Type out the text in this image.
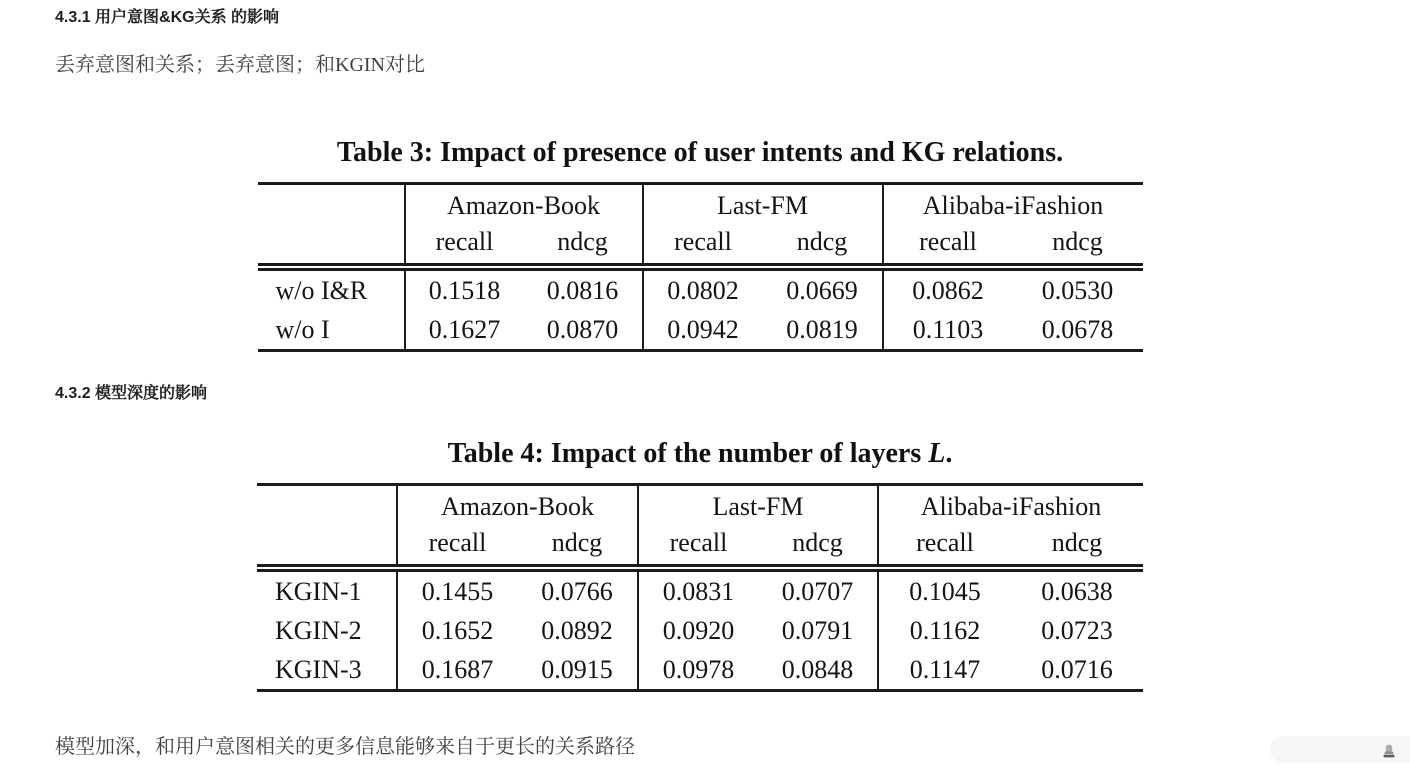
4.3.1 用户意图&KG关系 的影响

丢弃意图和关系；丢弃意图；和KGIN对比

Table 3: Impact of presence of user intents and KG relations.
	Amazon-Book		Last-FM		Alibaba-iFashion	
	recall	ndcg	recall	ndcg	recall	ndcg
w/o I&R	0.1518	0.0816	0.0802	0.0669	0.0862	0.0530
w/o I	0.1627	0.0870	0.0942	0.0819	0.1103	0.0678
4.3.2 模型深度的影响
Table 4: Impact of the number of layers L.
	Amazon-Book		Last-FM		Alibaba-iFashion	
	recall	ndcg	recall	ndcg	recall	ndcg
KGIN-1	0.1455	0.0766	0.0831	0.0707	0.1045	0.0638
KGIN-2	0.1652	0.0892	0.0920	0.0791	0.1162	0.0723
KGIN-3	0.1687	0.0915	0.0978	0.0848	0.1147	0.0716

模型加深，和用户意图相关的更多信息能够来自于更长的关系路径
